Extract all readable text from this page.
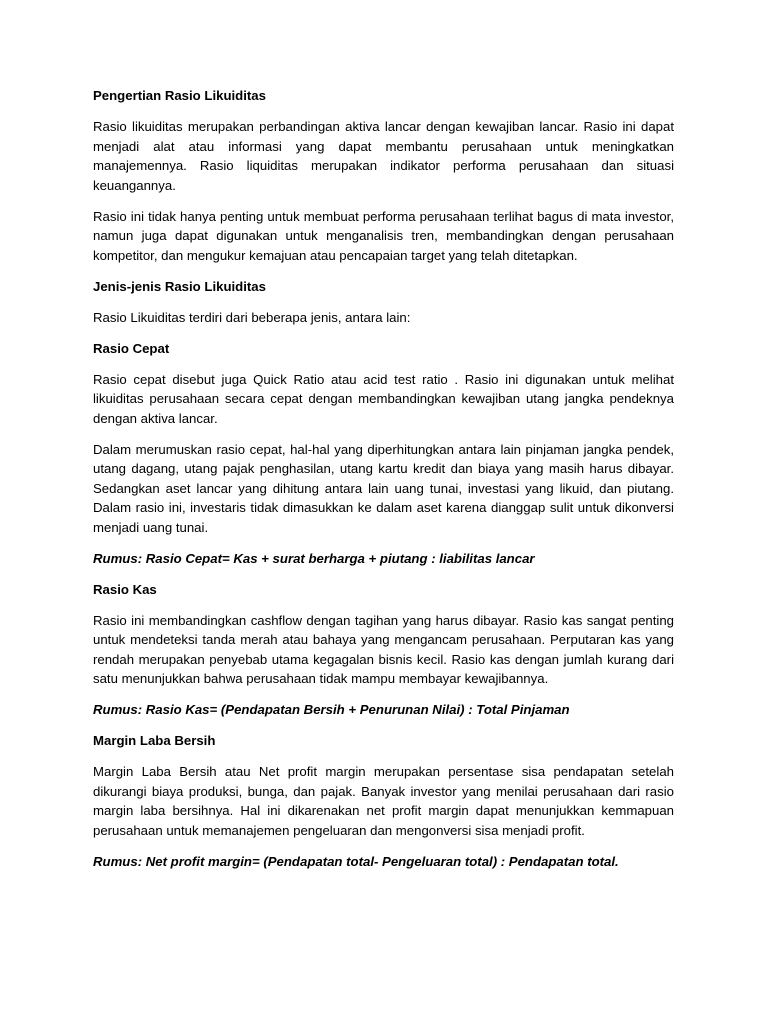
Pengertian Rasio Likuiditas
Rasio likuiditas merupakan perbandingan aktiva lancar dengan kewajiban lancar. Rasio ini dapat menjadi alat atau informasi yang dapat membantu perusahaan untuk meningkatkan manajemennya. Rasio liquiditas merupakan indikator performa perusahaan dan situasi keuangannya.
Rasio ini tidak hanya penting untuk membuat performa perusahaan terlihat bagus di mata investor, namun juga dapat digunakan untuk menganalisis tren, membandingkan dengan perusahaan kompetitor, dan mengukur kemajuan atau pencapaian target yang telah ditetapkan.
Jenis-jenis Rasio Likuiditas
Rasio Likuiditas terdiri dari beberapa jenis, antara lain:
Rasio Cepat
Rasio cepat disebut juga Quick Ratio atau acid test ratio . Rasio ini digunakan untuk melihat likuiditas perusahaan secara cepat dengan membandingkan kewajiban utang jangka pendeknya dengan aktiva lancar.
Dalam merumuskan rasio cepat, hal-hal yang diperhitungkan antara lain pinjaman jangka pendek, utang dagang, utang pajak penghasilan, utang kartu kredit dan biaya yang masih harus dibayar. Sedangkan aset lancar yang dihitung antara lain uang tunai, investasi yang likuid, dan piutang. Dalam rasio ini, investaris tidak dimasukkan ke dalam aset karena dianggap sulit untuk dikonversi menjadi uang tunai.
Rumus: Rasio Cepat= Kas + surat berharga + piutang : liabilitas lancar
Rasio Kas
Rasio ini membandingkan cashflow dengan tagihan yang harus dibayar. Rasio kas sangat penting untuk mendeteksi tanda merah atau bahaya yang mengancam perusahaan. Perputaran kas yang rendah merupakan penyebab utama kegagalan bisnis kecil. Rasio kas dengan jumlah kurang dari satu menunjukkan bahwa perusahaan tidak mampu membayar kewajibannya.
Rumus: Rasio Kas= (Pendapatan Bersih + Penurunan Nilai) : Total Pinjaman
Margin Laba Bersih
Margin Laba Bersih atau Net profit margin merupakan persentase sisa pendapatan setelah dikurangi biaya produksi, bunga, dan pajak. Banyak investor yang menilai perusahaan dari rasio margin laba bersihnya. Hal ini dikarenakan net profit margin dapat menunjukkan kemmapuan perusahaan untuk memanajemen pengeluaran dan mengonversi sisa menjadi profit.
Rumus: Net profit margin= (Pendapatan total- Pengeluaran total) : Pendapatan total.
